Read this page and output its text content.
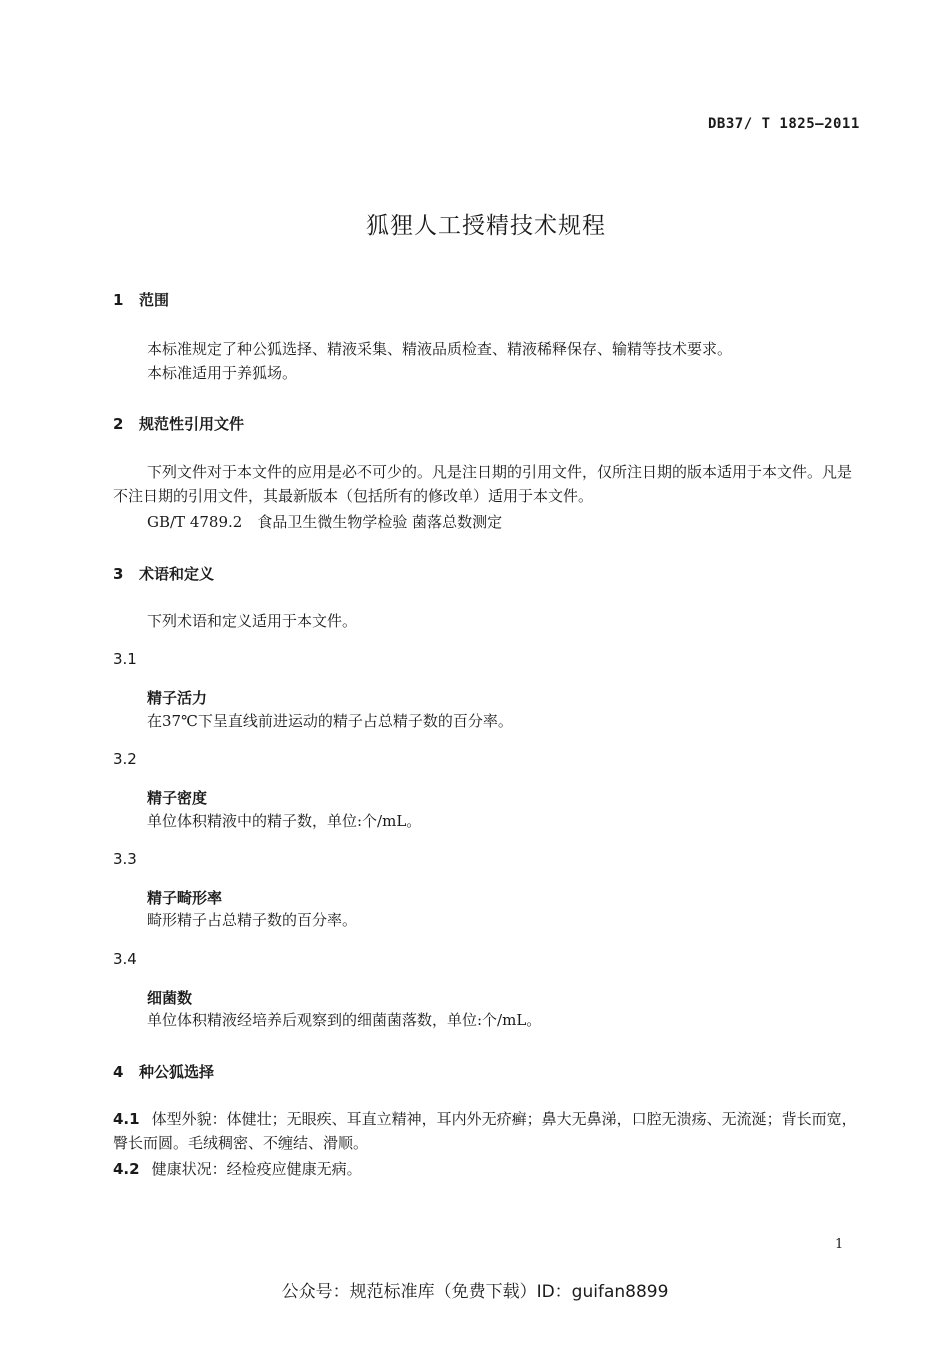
DB37/ T 1825—2011
狐狸人工授精技术规程
1 范围
本标准规定了种公狐选择、精液采集、精液品质检查、精液稀释保存、输精等技术要求。
本标准适用于养狐场。
2 规范性引用文件
下列文件对于本文件的应用是必不可少的。凡是注日期的引用文件，仅所注日期的版本适用于本文件。凡是不注日期的引用文件，其最新版本（包括所有的修改单）适用于本文件。
GB/T 4789.2　食品卫生微生物学检验 菌落总数测定
3 术语和定义
下列术语和定义适用于本文件。
3.1
精子活力
在37℃下呈直线前进运动的精子占总精子数的百分率。
3.2
精子密度
单位体积精液中的精子数，单位:个/mL。
3.3
精子畸形率
畸形精子占总精子数的百分率。
3.4
细菌数
单位体积精液经培养后观察到的细菌菌落数，单位:个/mL。
4 种公狐选择
4.1 体型外貌：体健壮；无眼疾、耳直立精神，耳内外无疥癣；鼻大无鼻涕，口腔无溃疡、无流涎；背长而宽，臀长而圆。毛绒稠密、不缠结、滑顺。
4.2 健康状况：经检疫应健康无病。
1
公众号：规范标准库（免费下载）ID：guifan8899
